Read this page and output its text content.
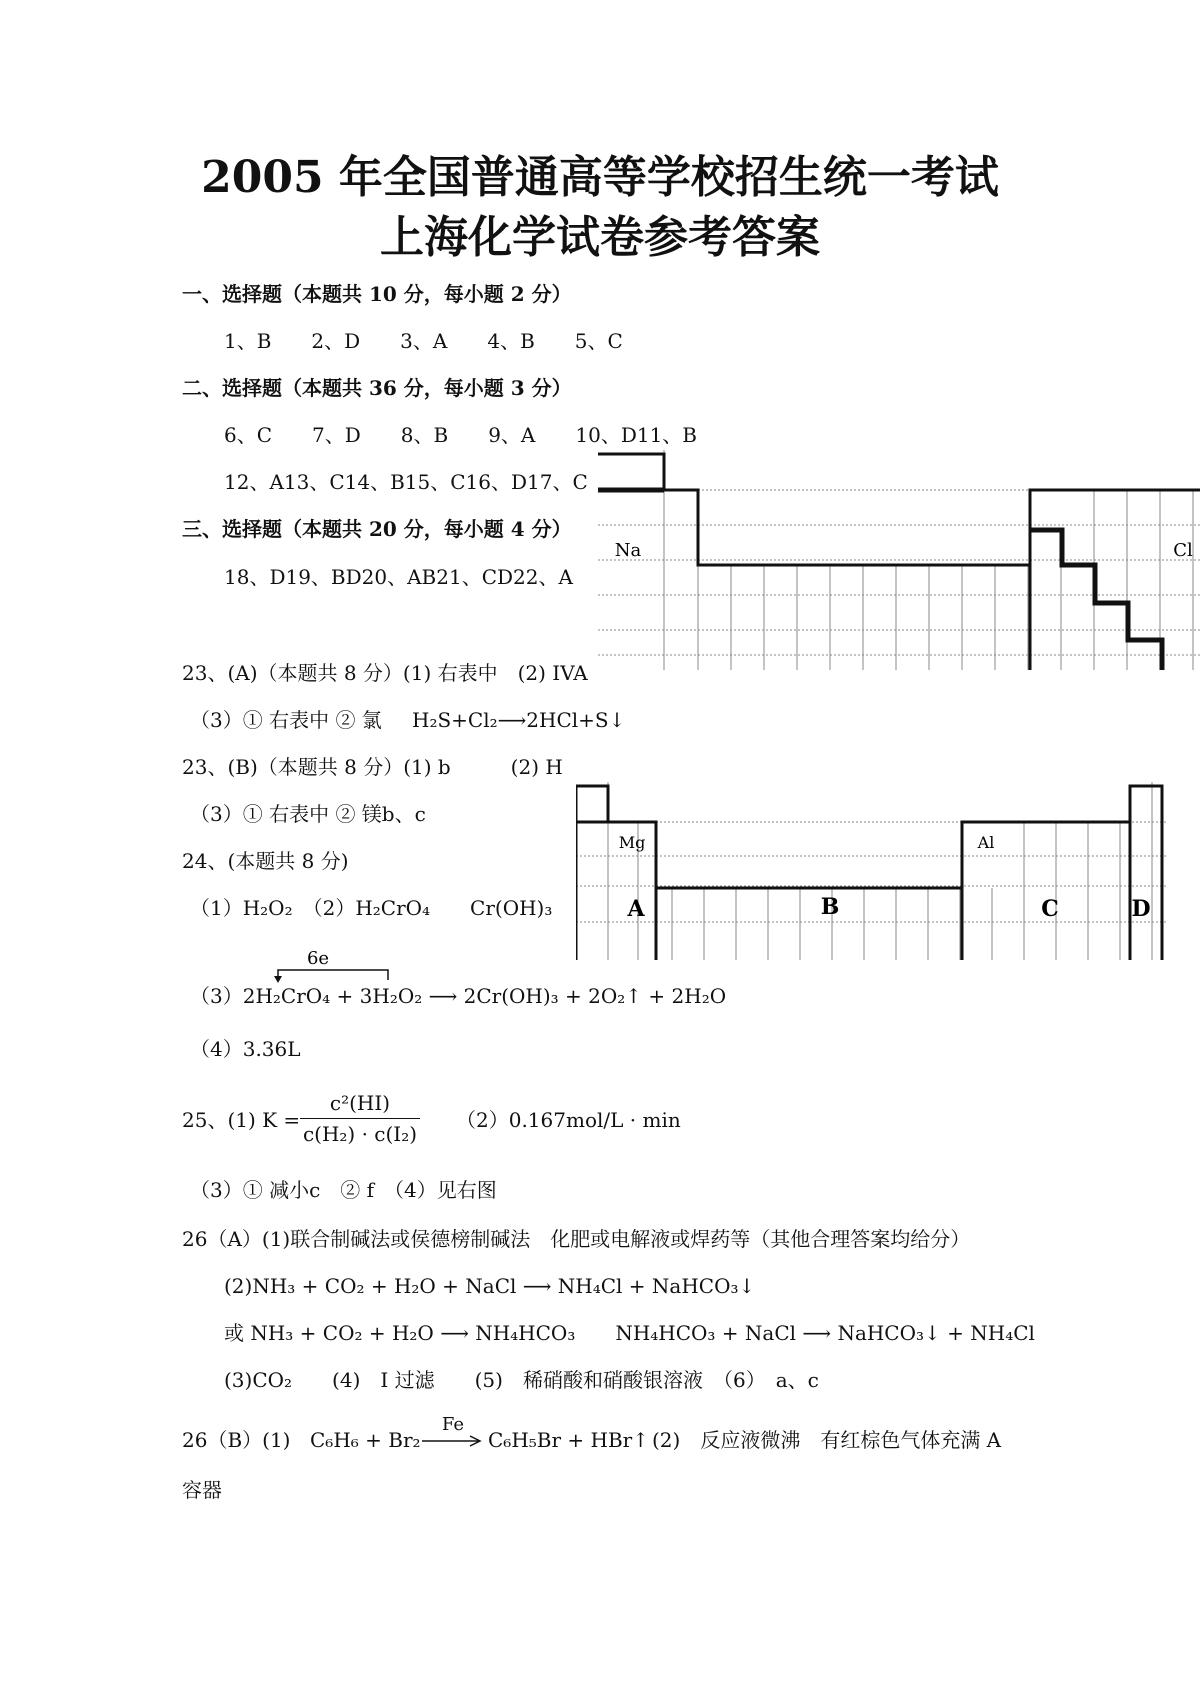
2005 年全国普通高等学校招生统一考试
上海化学试卷参考答案
一、选择题（本题共 10 分，每小题 2 分）
1、B　　2、D　　3、A　　4、B　　5、C
二、选择题（本题共 36 分，每小题 3 分）
6、C　　7、D　　8、B　　9、A　　10、D11、B
12、A13、C14、B15、C16、D17、C
三、选择题（本题共 20 分，每小题 4 分）
18、D19、BD20、AB21、CD22、A
Na	Cl
23、(A)（本题共 8 分）(1) 右表中　(2) IVA
（3）① 右表中 ② 氯 H₂S+Cl₂⟶2HCl+S↓
23、(B)（本题共 8 分）(1) b　　　(2) H
（3）① 右表中 ② 镁b、c
Mg	Al
A	B	C	D
24、(本题共 8 分)
（1）H₂O₂　（2）H₂CrO₄　　Cr(OH)₃
6e
（3）2H₂CrO₄ + 3H₂O₂ ⟶ 2Cr(OH)₃ + 2O₂↑ + 2H₂O
（4）3.36L
25、(1) K =
c²(HI)
c(H₂) · c(I₂)
（2）0.167mol/L · min
（3）① 减小c　② f　（4）见右图
26（A）(1)联合制碱法或侯德榜制碱法　化肥或电解液或焊药等（其他合理答案均给分）
(2)NH₃ + CO₂ + H₂O + NaCl ⟶ NH₄Cl + NaHCO₃↓
或 NH₃ + CO₂ + H₂O ⟶ NH₄HCO₃　　NH₄HCO₃ + NaCl ⟶ NaHCO₃↓ + NH₄Cl
(3)CO₂　　(4)　I 过滤　　(5)　稀硝酸和硝酸银溶液　（6）　a、c
26（B）(1) C₆H₆ + Br₂
Fe
C₆H₅Br + HBr↑ (2)　反应液微沸　有红棕色气体充满 A
容器
